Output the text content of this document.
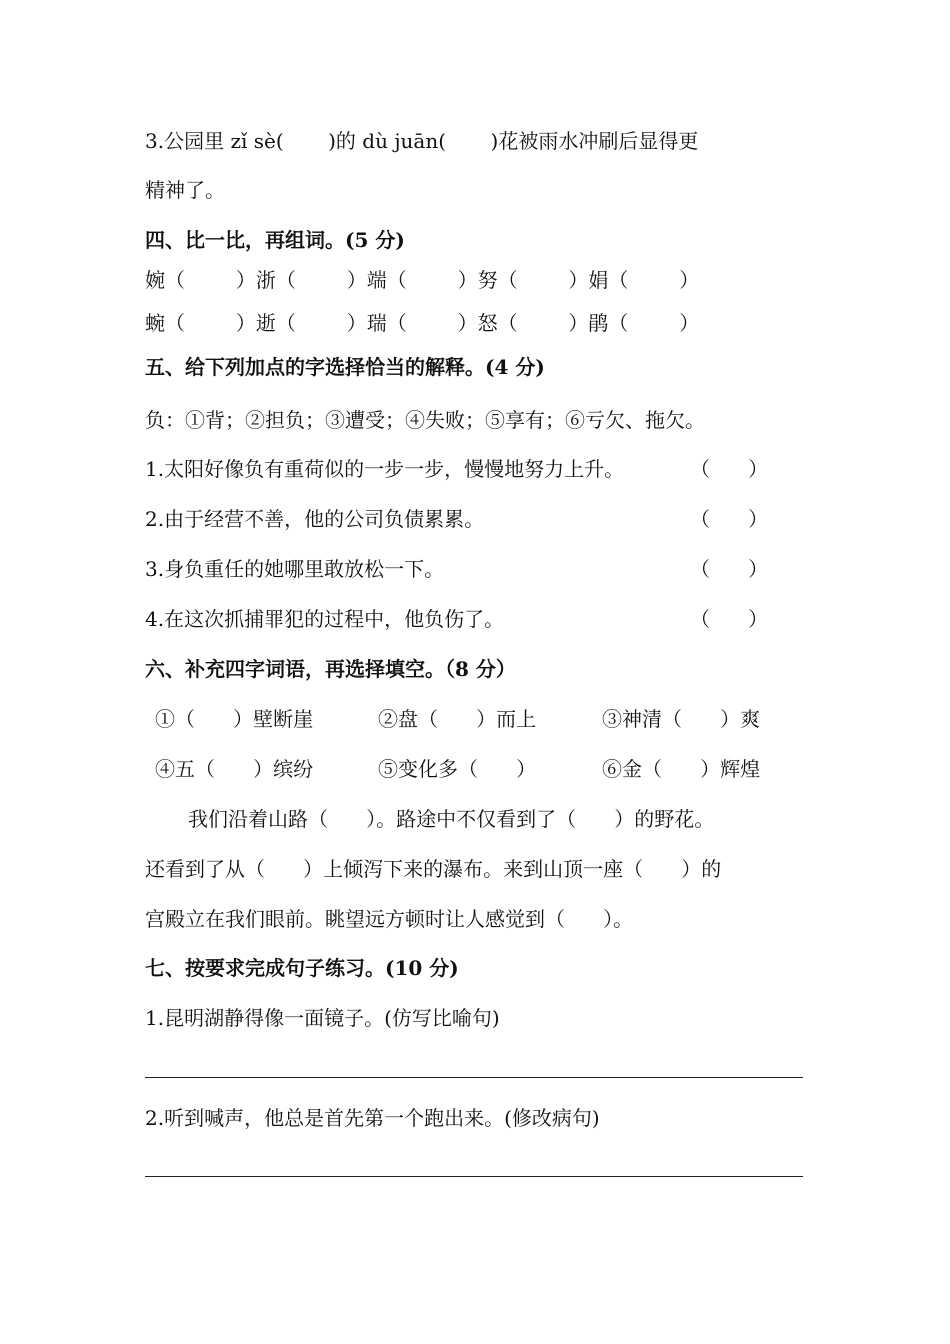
3.公园里 zǐ sè(       )的 dù juān(       )花被雨水冲刷后显得更
精神了。
四、比一比，再组词。(5 分)
婉（        ）浙（        ）端（        ）努（        ）娟（        ）
蜿（        ）逝（        ）瑞（        ）怒（        ）鹃（        ）
五、给下列加点的字选择恰当的解释。(4 分)
负：①背；②担负；③遭受；④失败；⑤享有；⑥亏欠、拖欠。
1.太阳好像负有重荷似的一步一步，慢慢地努力上升。	（      ）
2.由于经营不善，他的公司负债累累。	（      ）
3.身负重任的她哪里敢放松一下。	（      ）
4.在这次抓捕罪犯的过程中，他负伤了。	（      ）
六、补充四字词语，再选择填空。（8 分）
①（      ）壁断崖	②盘（      ）而上	③神清（      ）爽
④五（      ）缤纷	⑤变化多（      ）	⑥金（      ）辉煌
我们沿着山路（      ）。路途中不仅看到了（      ）的野花。
还看到了从（      ）上倾泻下来的瀑布。来到山顶一座（      ）的
宫殿立在我们眼前。眺望远方顿时让人感觉到（      ）。
七、按要求完成句子练习。(10 分)
1.昆明湖静得像一面镜子。(仿写比喻句)
2.听到喊声，他总是首先第一个跑出来。(修改病句)
